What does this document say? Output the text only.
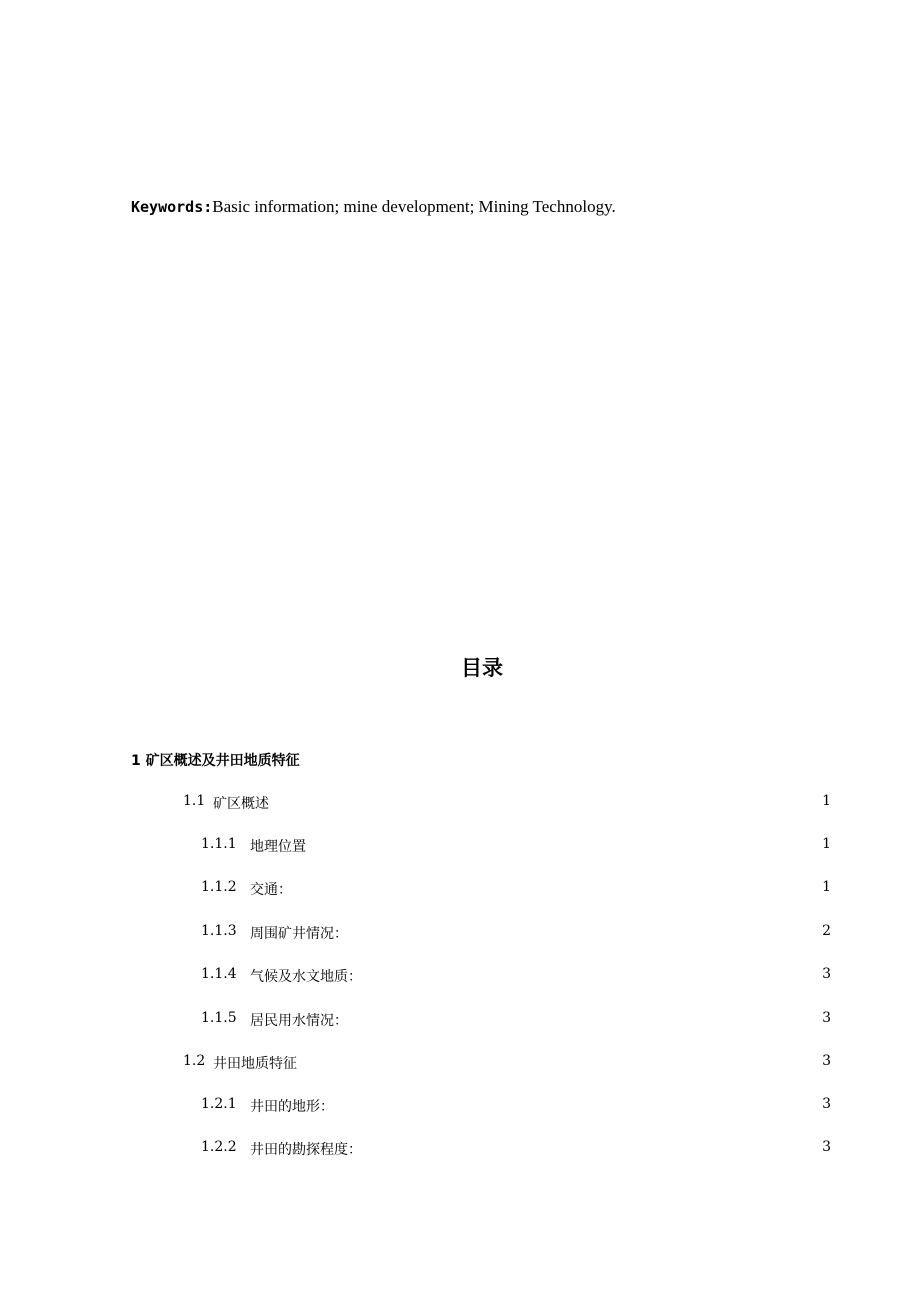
Keywords:Basic information; mine development; Mining Technology.
目录
1 矿区概述及井田地质特征
1.1 矿区概述	1
1.1.1 地理位置	1
1.1.2 交通：	1
1.1.3 周围矿井情况：	2
1.1.4 气候及水文地质：	3
1.1.5 居民用水情况：	3
1.2 井田地质特征	3
1.2.1 井田的地形：	3
1.2.2 井田的勘探程度：	3
